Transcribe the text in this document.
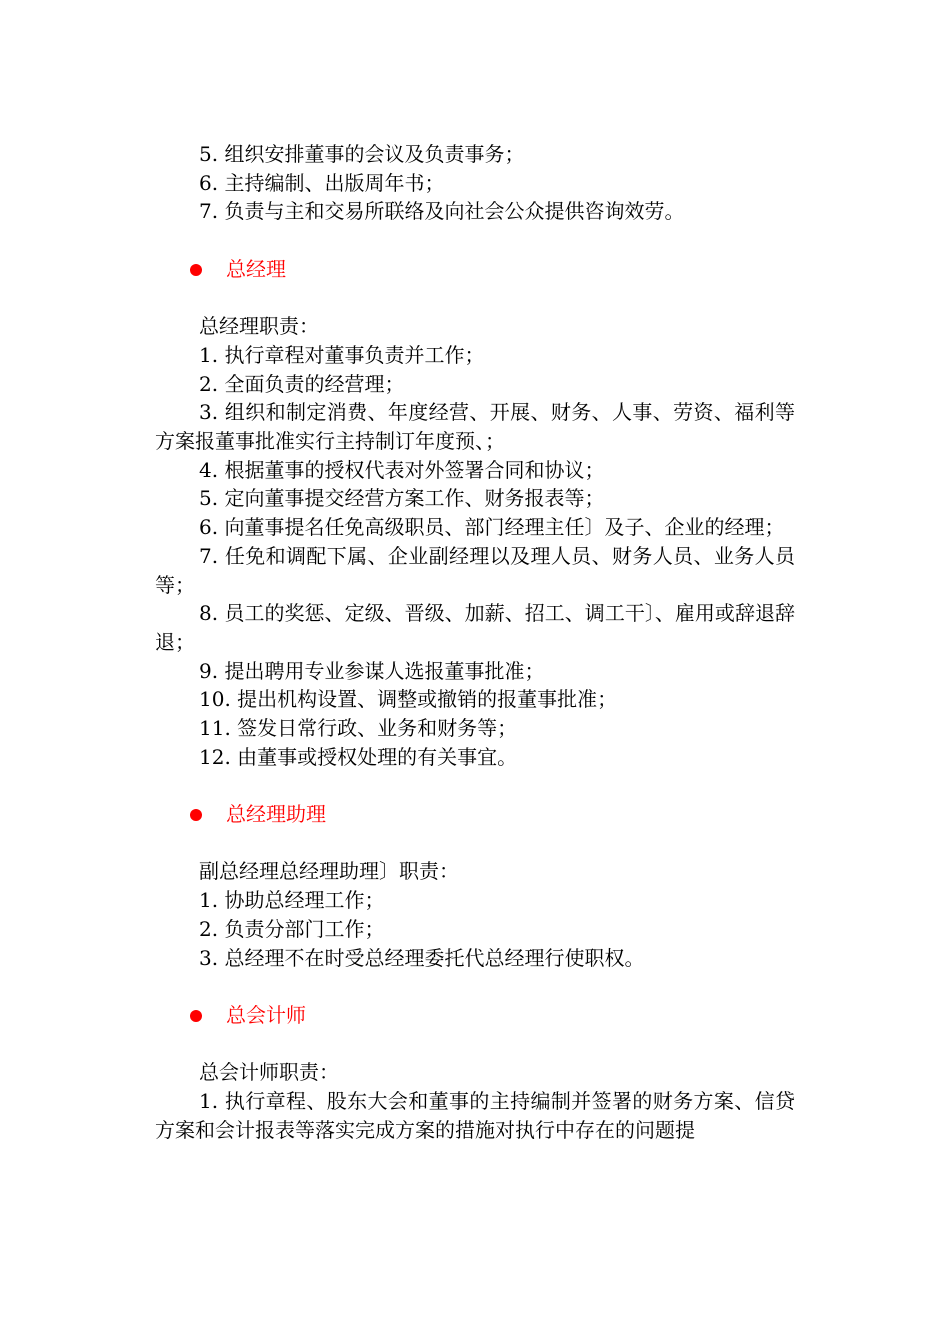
5. 组织安排董事的会议及负责事务；

6. 主持编制、出版周年书；

7. 负责与主和交易所联络及向社会公众提供咨询效劳。

总经理

总经理职责：

1. 执行章程对董事负责并工作；

2. 全面负责的经营理；

3. 组织和制定消费、年度经营、开展、财务、人事、劳资、福利等方案报董事批准实行主持制订年度预、；

4. 根据董事的授权代表对外签署合同和协议；

5. 定向董事提交经营方案工作、财务报表等；

6. 向董事提名任免高级职员、部门经理主任〕及子、企业的经理；

7. 任免和调配下属、企业副经理以及理人员、财务人员、业务人员等；

8. 员工的奖惩、定级、晋级、加薪、招工、调工干〕、雇用或辞退辞退；

9. 提出聘用专业参谋人选报董事批准；

10. 提出机构设置、调整或撤销的报董事批准；

11. 签发日常行政、业务和财务等；

12. 由董事或授权处理的有关事宜。

总经理助理

副总经理总经理助理〕职责：

1. 协助总经理工作；

2. 负责分部门工作；

3. 总经理不在时受总经理委托代总经理行使职权。

总会计师

总会计师职责：

1. 执行章程、股东大会和董事的主持编制并签署的财务方案、信贷方案和会计报表等落实完成方案的措施对执行中存在的问题提
